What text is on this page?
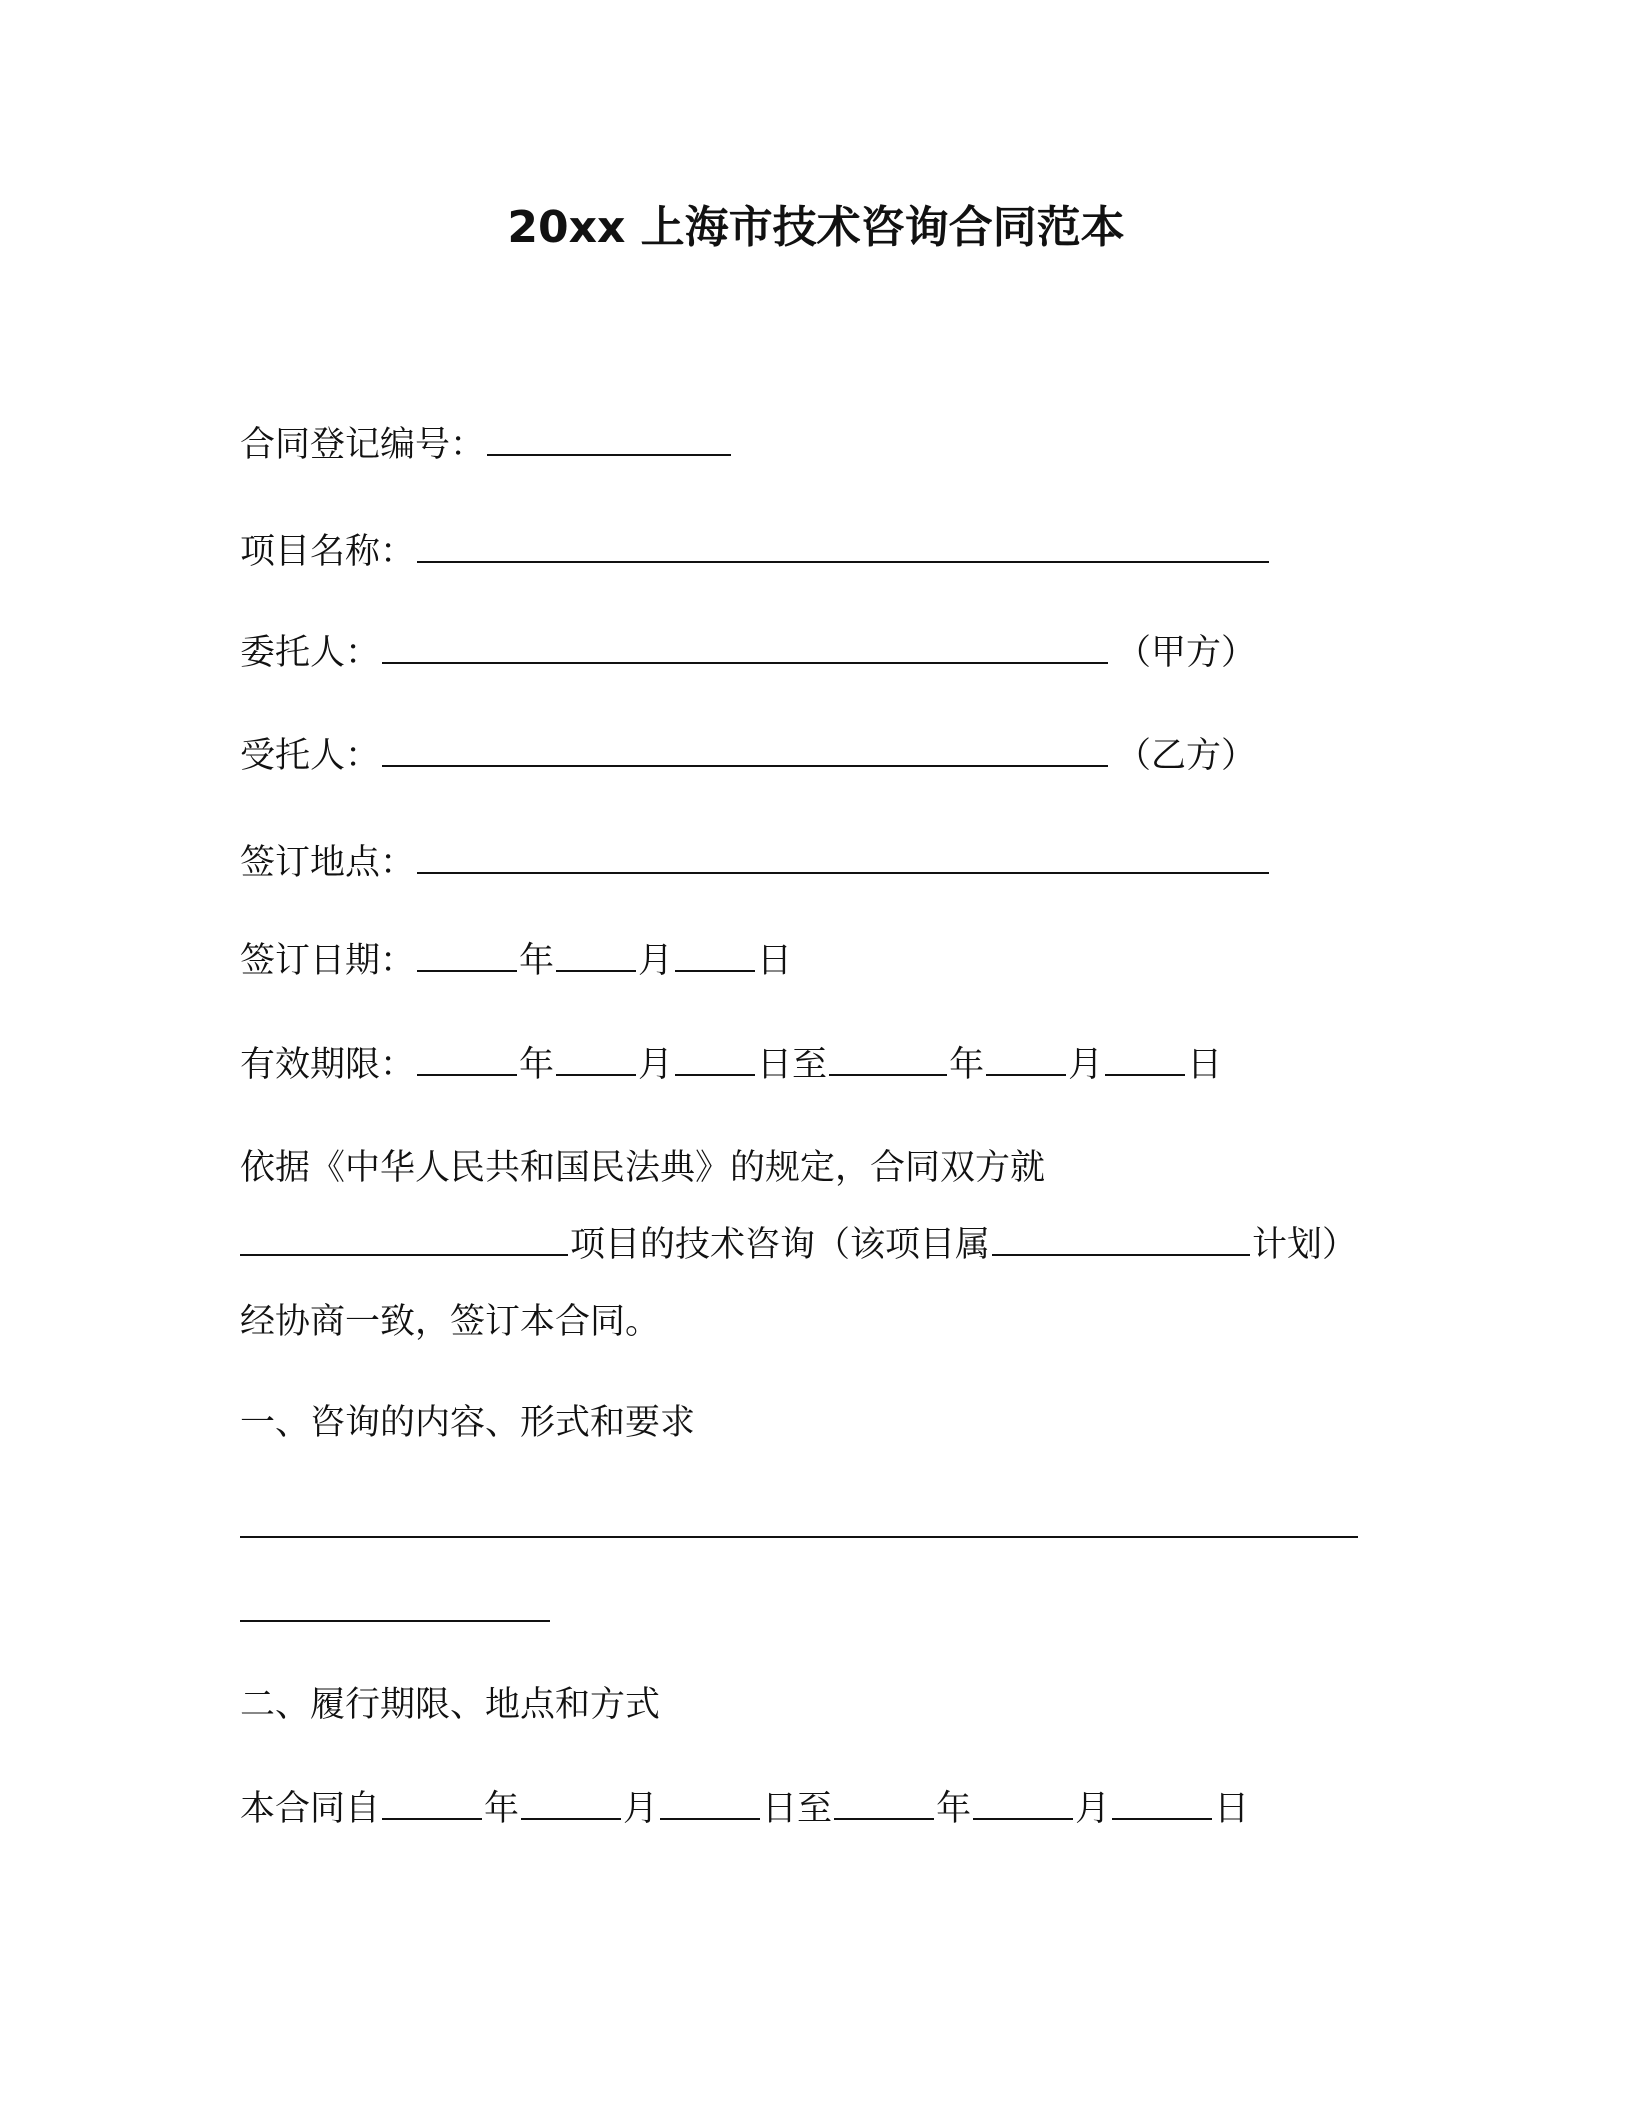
20xx 上海市技术咨询合同范本
合同登记编号：
项目名称：
委托人：	（甲方）
受托人：	（乙方）
签订地点：
签订日期：	年 月 日
有效期限：	年 月 日至	年 月 日
依据《中华人民共和国民法典》的规定，合同双方就
项目的技术咨询（该项目属	计划）
经协商一致，签订本合同。
一、咨询的内容、形式和要求
二、履行期限、地点和方式
本合同自	年	月	日至	年	月	日
